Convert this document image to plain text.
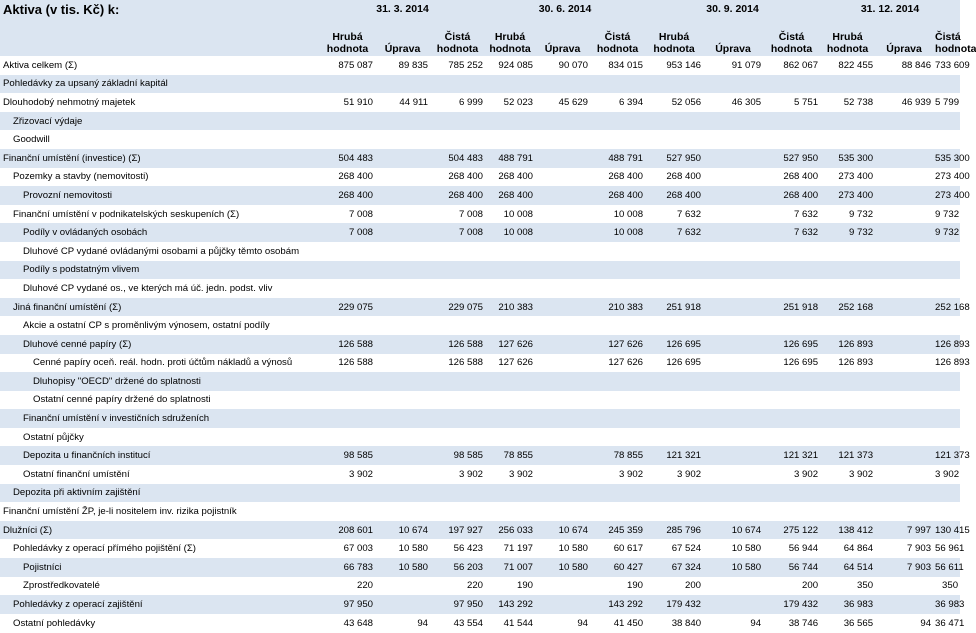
Aktiva (v tis. Kč) k:	31. 3. 2014			30. 6. 2014			30. 9. 2014			31. 12. 2014		
	Hrubá hodnota	Úprava	Čistá hodnota	Hrubá hodnota	Úprava	Čistá hodnota	Hrubá hodnota	Úprava	Čistá hodnota	Hrubá hodnota	Úprava	Čistá hodnota
Aktiva celkem (Σ)	875 087	89 835	785 252	924 085	90 070	834 015	953 146	91 079	862 067	822 455	88 846	733 609
Pohledávky za upsaný základní kapitál												
Dlouhodobý nehmotný majetek	51 910	44 911	6 999	52 023	45 629	6 394	52 056	46 305	5 751	52 738	46 939	5 799
Zřizovací výdaje												
Goodwill												
Finanční umístění (investice) (Σ)	504 483		504 483	488 791		488 791	527 950		527 950	535 300		535 300
Pozemky a stavby (nemovitosti)	268 400		268 400	268 400		268 400	268 400		268 400	273 400		273 400
Provozní nemovitosti	268 400		268 400	268 400		268 400	268 400		268 400	273 400		273 400
Finanční umístění v podnikatelských seskupeních (Σ)	7 008		7 008	10 008		10 008	7 632		7 632	9 732		9 732
Podíly v ovládaných osobách	7 008		7 008	10 008		10 008	7 632		7 632	9 732		9 732
Dluhové CP vydané ovládanými osobami a půjčky těmto osobám												
Podíly s podstatným vlivem												
Dluhové CP vydané os., ve kterých má úč. jedn. podst. vliv												
Jiná finanční umístění (Σ)	229 075		229 075	210 383		210 383	251 918		251 918	252 168		252 168
Akcie a ostatní CP s proměnlivým výnosem, ostatní podíly												
Dluhové cenné papíry (Σ)	126 588		126 588	127 626		127 626	126 695		126 695	126 893		126 893
Cenné papíry oceň. reál. hodn. proti účtům nákladů a výnosů	126 588		126 588	127 626		127 626	126 695		126 695	126 893		126 893
Dluhopisy "OECD" držené do splatnosti												
Ostatní cenné papíry držené do splatnosti												
Finanční umístění v investičních sdruženích												
Ostatní půjčky												
Depozita u finančních institucí	98 585		98 585	78 855		78 855	121 321		121 321	121 373		121 373
Ostatní finanční umístění	3 902		3 902	3 902		3 902	3 902		3 902	3 902		3 902
Depozita při aktivním zajištění												
Finanční umístění ŽP, je-li nositelem inv. rizika pojistník												
Dlužníci (Σ)	208 601	10 674	197 927	256 033	10 674	245 359	285 796	10 674	275 122	138 412	7 997	130 415
Pohledávky z operací přímého pojištění (Σ)	67 003	10 580	56 423	71 197	10 580	60 617	67 524	10 580	56 944	64 864	7 903	56 961
Pojistníci	66 783	10 580	56 203	71 007	10 580	60 427	67 324	10 580	56 744	64 514	7 903	56 611
Zprostředkovatelé	220		220	190		190	200		200	350		350
Pohledávky z operací zajištění	97 950		97 950	143 292		143 292	179 432		179 432	36 983		36 983
Ostatní pohledávky	43 648	94	43 554	41 544	94	41 450	38 840	94	38 746	36 565	94	36 471
